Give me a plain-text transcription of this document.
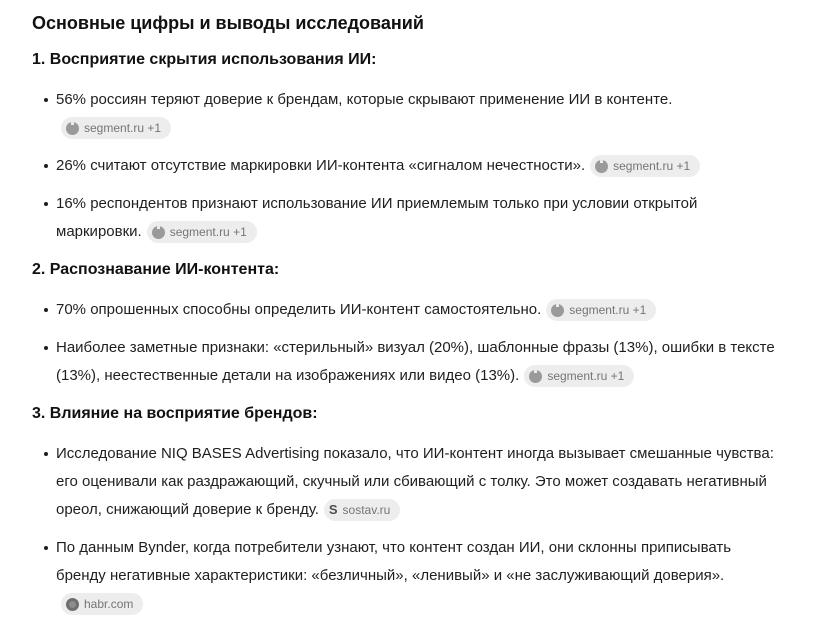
Основные цифры и выводы исследований
1. Восприятие скрытия использования ИИ:
56% россиян теряют доверие к брендам, которые скрывают применение ИИ в контенте.
segment.ru +1
26% считают отсутствие маркировки ИИ-контента «сигналом нечестности». segment.ru +1
16% респондентов признают использование ИИ приемлемым только при условии открытой маркировки. segment.ru +1
2. Распознавание ИИ-контента:
70% опрошенных способны определить ИИ-контент самостоятельно. segment.ru +1
Наиболее заметные признаки: «стерильный» визуал (20%), шаблонные фразы (13%), ошибки в тексте (13%), неестественные детали на изображениях или видео (13%). segment.ru +1
3. Влияние на восприятие брендов:
Исследование NIQ BASES Advertising показало, что ИИ-контент иногда вызывает смешанные чувства: его оценивали как раздражающий, скучный или сбивающий с толку. Это может создавать негативный ореол, снижающий доверие к бренду. S sostav.ru
По данным Bynder, когда потребители узнают, что контент создан ИИ, они склонны приписывать бренду негативные характеристики: «безличный», «ленивый» и «не заслуживающий доверия».
habr.com
